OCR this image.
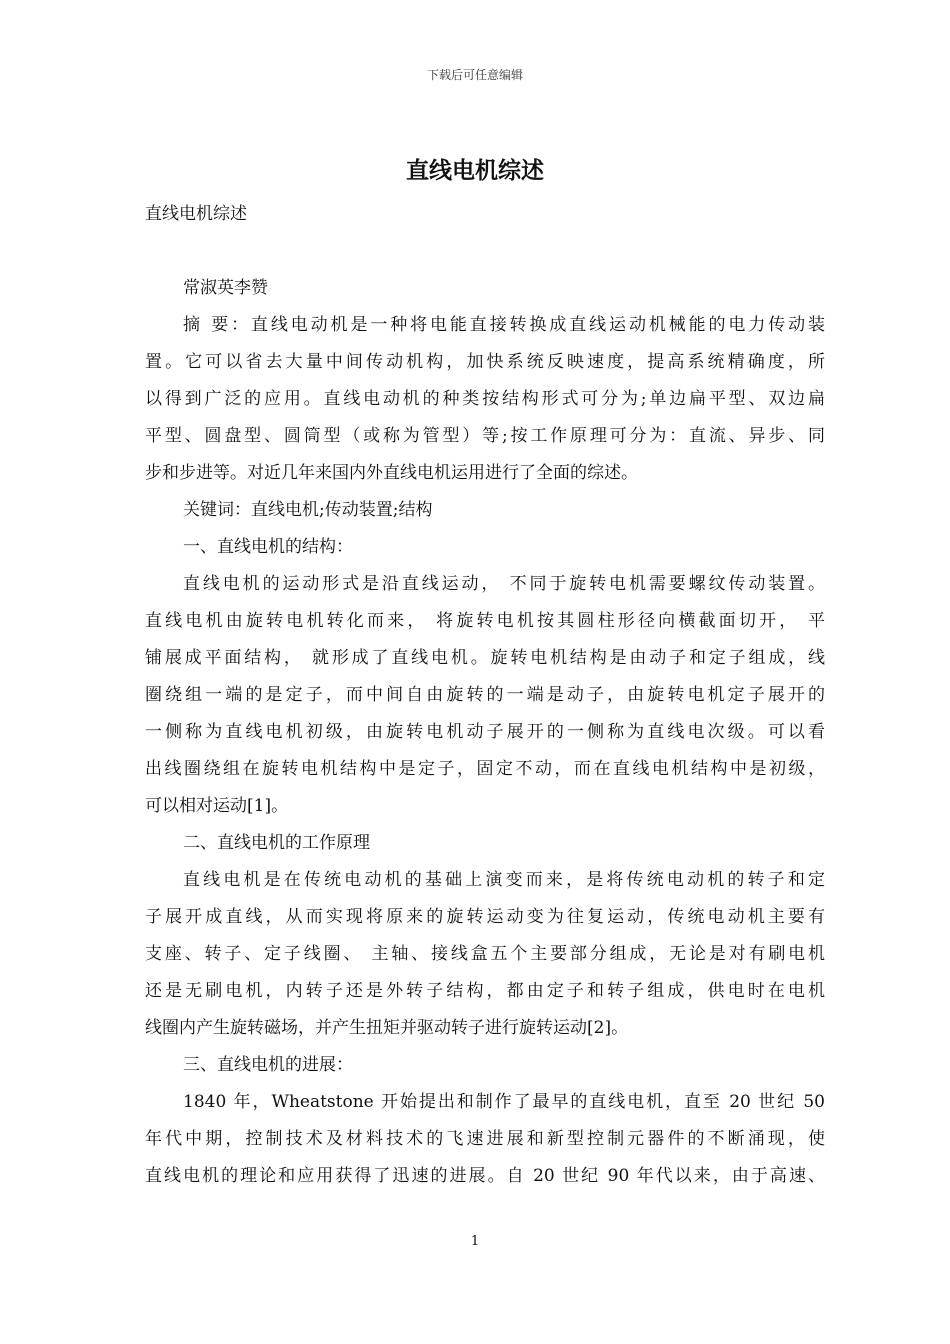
下载后可任意编辑
直线电机综述
直线电机综述
常淑英李赞
摘 要：直线电动机是一种将电能直接转换成直线运动机械能的电力传动装
置。它可以省去大量中间传动机构，加快系统反映速度，提高系统精确度，所
以得到广泛的应用。直线电动机的种类按结构形式可分为;单边扁平型、双边扁
平型、圆盘型、圆筒型（或称为管型）等;按工作原理可分为：直流、异步、同
步和步进等。对近几年来国内外直线电机运用进行了全面的综述。
关键词：直线电机;传动装置;结构
一、直线电机的结构：
直线电机的运动形式是沿直线运动， 不同于旋转电机需要螺纹传动装置。
直线电机由旋转电机转化而来， 将旋转电机按其圆柱形径向横截面切开， 平
铺展成平面结构， 就形成了直线电机。旋转电机结构是由动子和定子组成，线
圈绕组一端的是定子，而中间自由旋转的一端是动子，由旋转电机定子展开的
一侧称为直线电机初级，由旋转电机动子展开的一侧称为直线电次级。可以看
出线圈绕组在旋转电机结构中是定子，固定不动，而在直线电机结构中是初级，
可以相对运动[1]。
二、直线电机的工作原理
直线电机是在传统电动机的基础上演变而来，是将传统电动机的转子和定
子展开成直线，从而实现将原来的旋转运动变为往复运动，传统电动机主要有
支座、转子、定子线圈、 主轴、接线盒五个主要部分组成，无论是对有刷电机
还是无刷电机，内转子还是外转子结构，都由定子和转子组成，供电时在电机
线圈内产生旋转磁场，并产生扭矩并驱动转子进行旋转运动[2]。
三、直线电机的进展：
1840 年，Wheatstone 开始提出和制作了最早的直线电机，直至 20 世纪 50
年代中期，控制技术及材料技术的飞速进展和新型控制元器件的不断涌现，使
直线电机的理论和应用获得了迅速的进展。自 20 世纪 90 年代以来，由于高速、
1
